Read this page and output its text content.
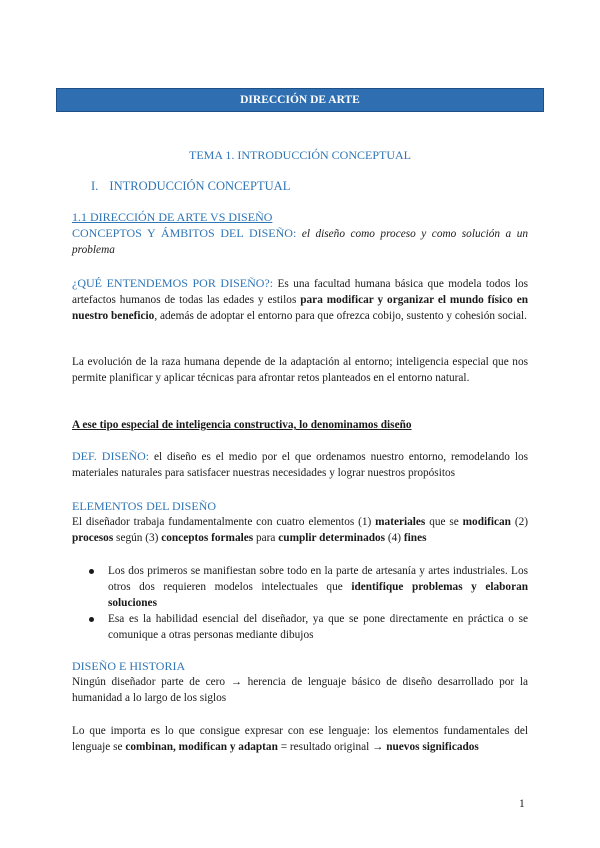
DIRECCIÓN DE ARTE
TEMA 1. INTRODUCCIÓN CONCEPTUAL
I. INTRODUCCIÓN CONCEPTUAL

1.1 DIRECCIÓN DE ARTE VS DISEÑO

CONCEPTOS Y ÁMBITOS DEL DISEÑO: el diseño como proceso y como solución a un problema

¿QUÉ ENTENDEMOS POR DISEÑO?: Es una facultad humana básica que modela todos los artefactos humanos de todas las edades y estilos para modificar y organizar el mundo físico en nuestro beneficio, además de adoptar el entorno para que ofrezca cobijo, sustento y cohesión social.

La evolución de la raza humana depende de la adaptación al entorno; inteligencia especial que nos permite planificar y aplicar técnicas para afrontar retos planteados en el entorno natural.

A ese tipo especial de inteligencia constructiva, lo denominamos diseño

DEF. DISEÑO: el diseño es el medio por el que ordenamos nuestro entorno, remodelando los materiales naturales para satisfacer nuestras necesidades y lograr nuestros propósitos

ELEMENTOS DEL DISEÑO

El diseñador trabaja fundamentalmente con cuatro elementos (1) materiales que se modifican (2) procesos según (3) conceptos formales para cumplir determinados (4) fines

Los dos primeros se manifiestan sobre todo en la parte de artesanía y artes industriales. Los otros dos requieren modelos intelectuales que identifique problemas y elaboran soluciones
Esa es la habilidad esencial del diseñador, ya que se pone directamente en práctica o se comunique a otras personas mediante dibujos

DISEÑO E HISTORIA

Ningún diseñador parte de cero → herencia de lenguaje básico de diseño desarrollado por la humanidad a lo largo de los siglos

Lo que importa es lo que consigue expresar con ese lenguaje: los elementos fundamentales del lenguaje se combinan, modifican y adaptan = resultado original → nuevos significados

1
